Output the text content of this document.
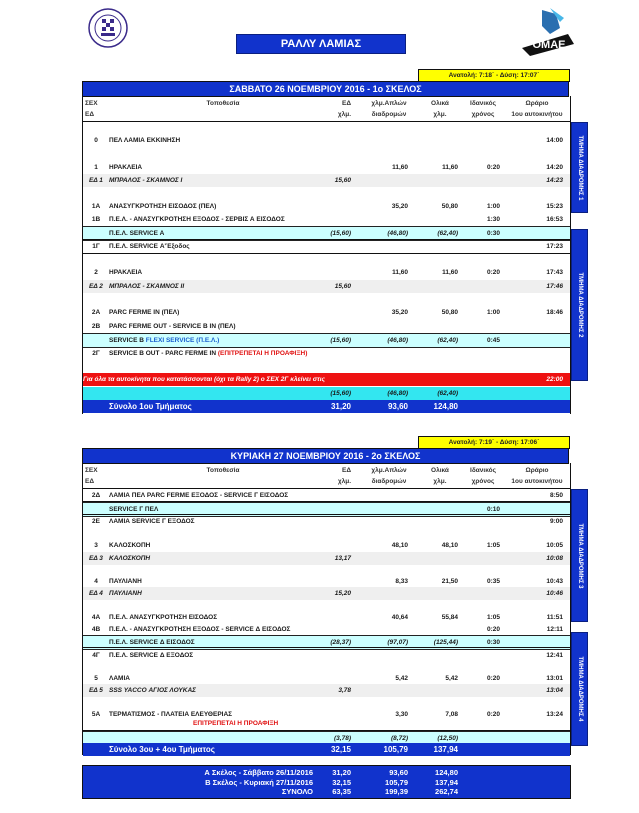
ΟΜΑΕ
ΡΑΛΛΥ ΛΑΜΙΑΣ
Ανατολή: 7:18΄ - Δύση: 17:07΄
ΣΑΒΒΑΤΟ 26 ΝΟΕΜΒΡΙΟΥ 2016 - 1ο ΣΚΕΛΟΣ
ΣΕΧ	Τοποθεσία	ΕΔ	χλμ.Απλών	Ολικά	Ιδανικός	Ωράριο
ΕΔ	χλμ.	διαδρομών	χλμ.	χρόνος	1ου αυτοκινήτου
0	ΠΕΛ ΛΑΜΙΑ ΕΚΚΙΝΗΣΗ	14:00
1	ΗΡΑΚΛΕΙΑ	11,60	11,60	0:20	14:20
ΕΔ 1 ΜΠΡΑΛΟΣ - ΣΚΑΜΝΟΣ Ι	15,60	14:23
1Α	ΑΝΑΣΥΓΚΡΟΤΗΣΗ ΕΙΣΟΔΟΣ (ΠΕΛ)	35,20	50,80	1:00	15:23
1Β	Π.Ε.Λ. - ΑΝΑΣΥΓΚΡΟΤΗΣΗ ΕΞΟΔΟΣ - ΣΕΡΒΙΣ Α ΕΙΣΟΔΟΣ	1:30	16:53
Π.Ε.Λ. SERVICE A	(15,60)	(46,80)	(62,40)	0:30
1Γ	Π.Ε.Λ. SERVICE Α'Έξοδος	17:23
2	ΗΡΑΚΛΕΙΑ	11,60	11,60	0:20	17:43
ΕΔ 2 ΜΠΡΑΛΟΣ - ΣΚΑΜΝΟΣ ΙΙ	15,60	17:46
2Α	PARC FERME IN (ΠΕΛ)	35,20	50,80	1:00	18:46
2Β	PARC FERME OUT - SERVICE B IN (ΠΕΛ)
SERVICE B FLEXI SERVICE (Π.Ε.Λ.)	(15,60)	(46,80)	(62,40)	0:45
2Γ	SERVICE B OUT - PARC FERME IN (ΕΠΙΤΡΕΠΕΤΑΙ Η ΠΡΟΑΦΙΞΗ)
Για όλα τα αυτοκίνητα που κατατάσσονται (όχι τα Rally 2) ο ΣΕΧ 2Γ κλείνει στις	22:00
(15,60)	(46,80)	(62,40)
31,20	93,60	124,80
Σύνολο 1ου Τμήματος
ΤΜΗΜΑ ΔΙΑΔΡΟΜΗΣ 1
ΤΜΗΜΑ ΔΙΑΔΡΟΜΗΣ 2
Ανατολή: 7:19΄ - Δύση: 17:06΄
ΚΥΡΙΑΚΗ 27 ΝΟΕΜΒΡΙΟΥ 2016 - 2ο ΣΚΕΛΟΣ
ΣΕΧ	Τοποθεσία	ΕΔ	χλμ.Απλών	Ολικά	Ιδανικός	Ωράριο
ΕΔ	χλμ.	διαδρομών	χλμ.	χρόνος	1ου αυτοκινήτου
2Δ	ΛΑΜΙΑ ΠΕΛ PARC FERME ΕΞΟΔΟΣ - SERVICE Γ ΕΙΣΟΔΟΣ	8:50
SERVICE Γ ΠΕΛ	0:10
2Ε	ΛΑΜΙΑ SERVICE Γ ΕΞΟΔΟΣ	9:00
3	ΚΑΛΟΣΚΟΠΗ	48,10	48,10	1:05	10:05
ΕΔ 3 ΚΑΛΟΣΚΟΠΗ	13,17	10:08
4	ΠΑΥΛΙΑΝΗ	8,33	21,50	0:35	10:43
ΕΔ 4 ΠΑΥΛΙΑΝΗ	15,20	10:46
4Α	Π.Ε.Λ. ΑΝΑΣΥΓΚΡΟΤΗΣΗ ΕΙΣΟΔΟΣ	40,64	55,84	1:05	11:51
4Β	Π.Ε.Λ. - ΑΝΑΣΥΓΚΡΟΤΗΣΗ ΕΞΟΔΟΣ - SERVICE Δ ΕΙΣΟΔΟΣ	0:20	12:11
Π.Ε.Λ. SERVICE Δ ΕΙΣΟΔΟΣ	(28,37)	(97,07)	(125,44)	0:30
4Γ	Π.Ε.Λ. SERVICE Δ ΕΞΟΔΟΣ	12:41
5	ΛΑΜΙΑ	5,42	5,42	0:20	13:01
ΕΔ 5 SSS YACCO ΑΓΙΟΣ ΛΟΥΚΑΣ	3,78	13:04
5Α	ΤΕΡΜΑΤΙΣΜΟΣ - ΠΛΑΤΕΙΑ ΕΛΕΥΘΕΡΙΑΣ	3,30	7,08	0:20	13:24
ΕΠΙΤΡΕΠΕΤΑΙ Η ΠΡΟΑΦΙΞΗ
(3,78)	(8,72)	(12,50)
32,15	105,79	137,94
Σύνολο 3ου + 4ου Τμήματος
ΤΜΗΜΑ ΔΙΑΔΡΟΜΗΣ 3
ΤΜΗΜΑ ΔΙΑΔΡΟΜΗΣ 4
Α Σκέλος - Σάββατο 26/11/2016	31,20	93,60	124,80
Β Σκέλος - Κυριακή 27/11/2016	32,15	105,79	137,94
ΣΥΝΟΛΟ	63,35	199,39	262,74
